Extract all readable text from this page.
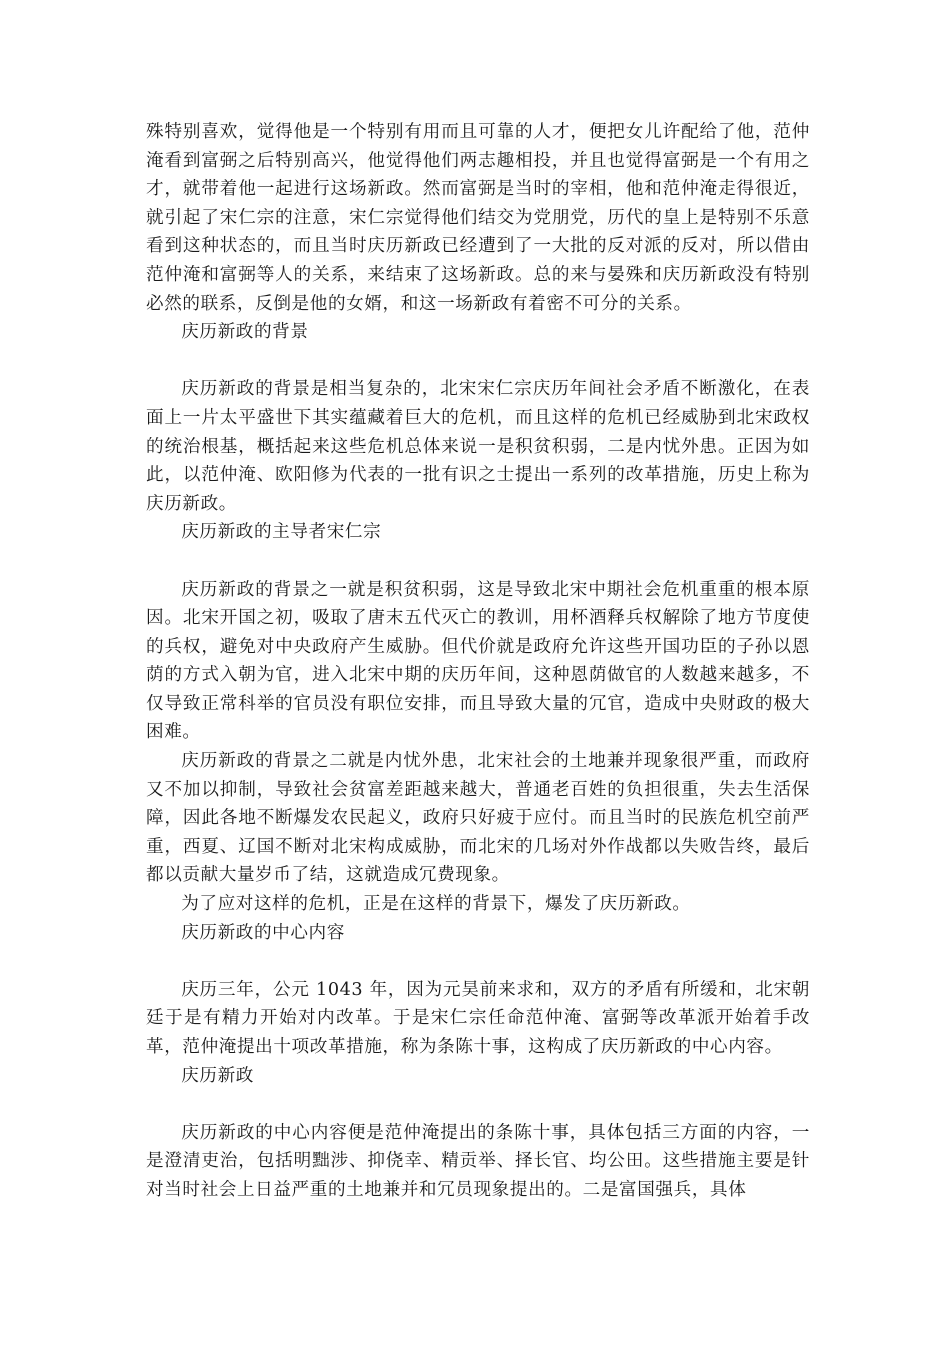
殊特别喜欢，觉得他是一个特别有用而且可靠的人才，便把女儿许配给了他，范仲淹看到富弼之后特别高兴，他觉得他们两志趣相投，并且也觉得富弼是一个有用之才，就带着他一起进行这场新政。然而富弼是当时的宰相，他和范仲淹走得很近，就引起了宋仁宗的注意，宋仁宗觉得他们结交为党朋党，历代的皇上是特别不乐意看到这种状态的，而且当时庆历新政已经遭到了一大批的反对派的反对，所以借由范仲淹和富弼等人的关系，来结束了这场新政。总的来与晏殊和庆历新政没有特别必然的联系，反倒是他的女婿，和这一场新政有着密不可分的关系。

庆历新政的背景

庆历新政的背景是相当复杂的，北宋宋仁宗庆历年间社会矛盾不断激化，在表面上一片太平盛世下其实蕴藏着巨大的危机，而且这样的危机已经威胁到北宋政权的统治根基，概括起来这些危机总体来说一是积贫积弱，二是内忧外患。正因为如此，以范仲淹、欧阳修为代表的一批有识之士提出一系列的改革措施，历史上称为庆历新政。

庆历新政的主导者宋仁宗

庆历新政的背景之一就是积贫积弱，这是导致北宋中期社会危机重重的根本原因。北宋开国之初，吸取了唐末五代灭亡的教训，用杯酒释兵权解除了地方节度使的兵权，避免对中央政府产生威胁。但代价就是政府允许这些开国功臣的子孙以恩荫的方式入朝为官，进入北宋中期的庆历年间，这种恩荫做官的人数越来越多，不仅导致正常科举的官员没有职位安排，而且导致大量的冗官，造成中央财政的极大困难。

庆历新政的背景之二就是内忧外患，北宋社会的土地兼并现象很严重，而政府又不加以抑制，导致社会贫富差距越来越大，普通老百姓的负担很重，失去生活保障，因此各地不断爆发农民起义，政府只好疲于应付。而且当时的民族危机空前严重，西夏、辽国不断对北宋构成威胁，而北宋的几场对外作战都以失败告终，最后都以贡献大量岁币了结，这就造成冗费现象。

为了应对这样的危机，正是在这样的背景下，爆发了庆历新政。

庆历新政的中心内容

庆历三年，公元 1043 年，因为元昊前来求和，双方的矛盾有所缓和，北宋朝廷于是有精力开始对内改革。于是宋仁宗任命范仲淹、富弼等改革派开始着手改革，范仲淹提出十项改革措施，称为条陈十事，这构成了庆历新政的中心内容。

庆历新政

庆历新政的中心内容便是范仲淹提出的条陈十事，具体包括三方面的内容，一是澄清吏治，包括明黜涉、抑侥幸、精贡举、择长官、均公田。这些措施主要是针对当时社会上日益严重的土地兼并和冗员现象提出的。二是富国强兵，具体
